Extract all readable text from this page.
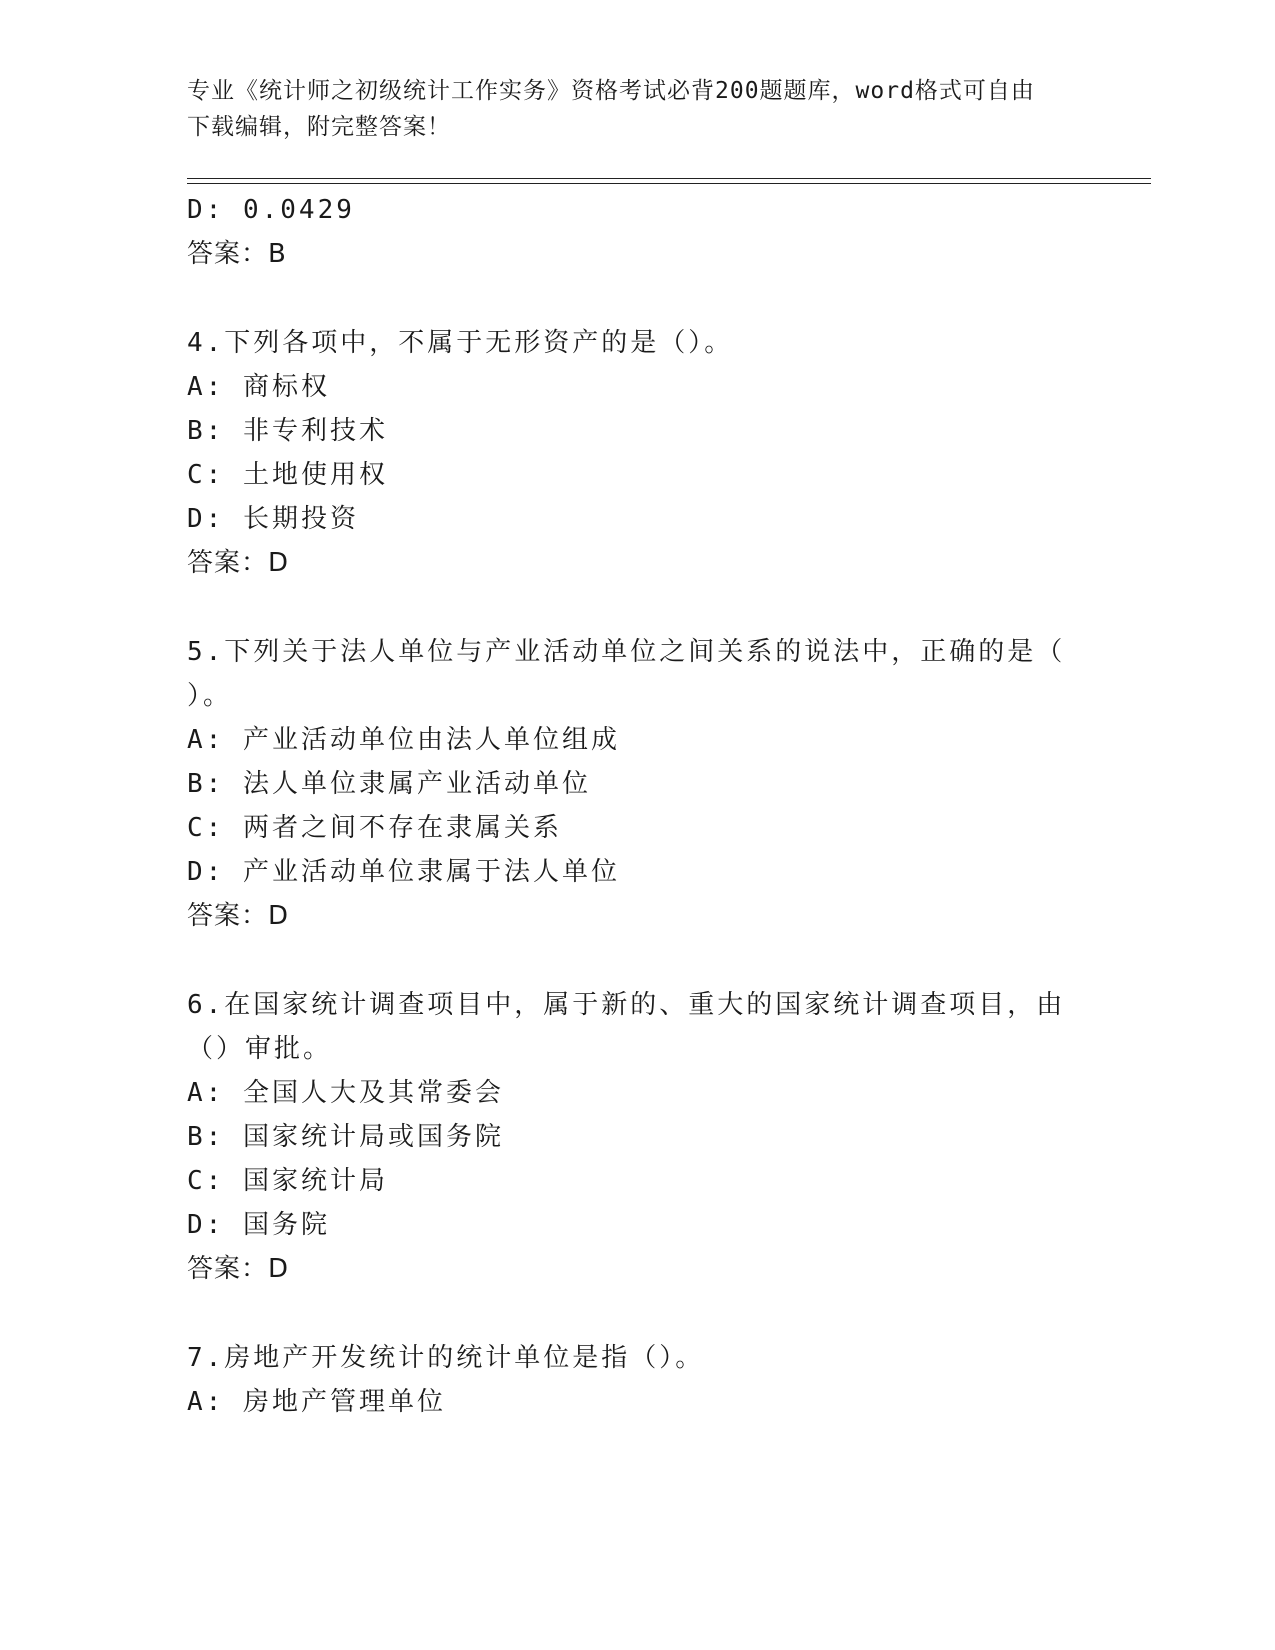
专业《统计师之初级统计工作实务》资格考试必背200题题库，word格式可自由
下载编辑，附完整答案！
D: 0.0429
答案：B
4.下列各项中，不属于无形资产的是（）。
A: 商标权
B: 非专利技术
C: 土地使用权
D: 长期投资
答案：D
5.下列关于法人单位与产业活动单位之间关系的说法中，正确的是（
）。
A: 产业活动单位由法人单位组成
B: 法人单位隶属产业活动单位
C: 两者之间不存在隶属关系
D: 产业活动单位隶属于法人单位
答案：D
6.在国家统计调查项目中，属于新的、重大的国家统计调查项目，由
（）审批。
A: 全国人大及其常委会
B: 国家统计局或国务院
C: 国家统计局
D: 国务院
答案：D
7.房地产开发统计的统计单位是指（）。
A: 房地产管理单位
